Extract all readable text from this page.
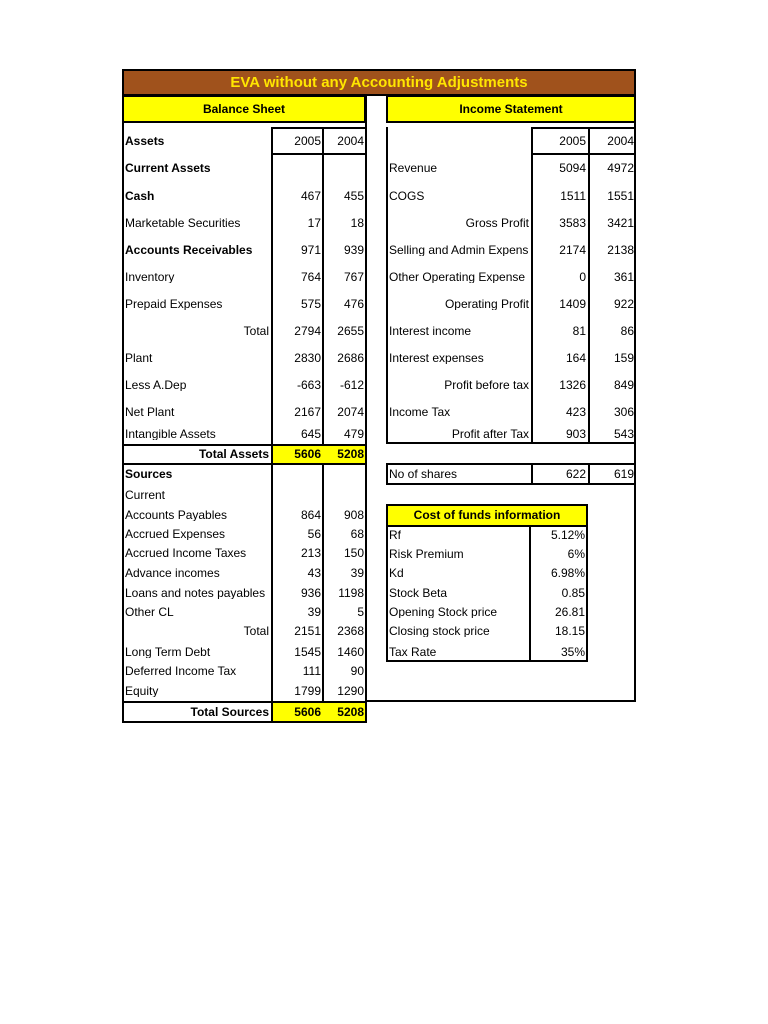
EVA without any Accounting Adjustments
Balance Sheet
Assets	2005	2004
Current Assets
Cash	467	455
Marketable Securities	17	18
Accounts Receivables	971	939
Inventory	764	767
Prepaid Expenses	575	476
Total	2794	2655
Plant	2830	2686
Less A.Dep	-663	-612
Net Plant	2167	2074
Intangible Assets	645	479
Total Assets	5606	5208
Sources
Current
Accounts Payables	864	908
Accrued Expenses	56	68
Accrued Income Taxes	213	150
Advance incomes	43	39
Loans and notes payables	936	1198
Other CL	39	5
Total	2151	2368
Long Term Debt	1545	1460
Deferred Income Tax	111	90
Equity	1799	1290
Total Sources	5606	5208
Income Statement
2005	2004
Revenue	5094	4972
COGS	1511	1551
Gross Profit	3583	3421
Selling and Admin Expens	2174	2138
Other Operating Expense	0	361
Operating Profit	1409	922
Interest income	81	86
Interest expenses	164	159
Profit before tax	1326	849
Income Tax	423	306
Profit after Tax	903	543
No of shares	622	619
Cost of funds information
Rf	5.12%
Risk Premium	6%
Kd	6.98%
Stock Beta	0.85
Opening Stock price	26.81
Closing stock price	18.15
Tax Rate	35%
